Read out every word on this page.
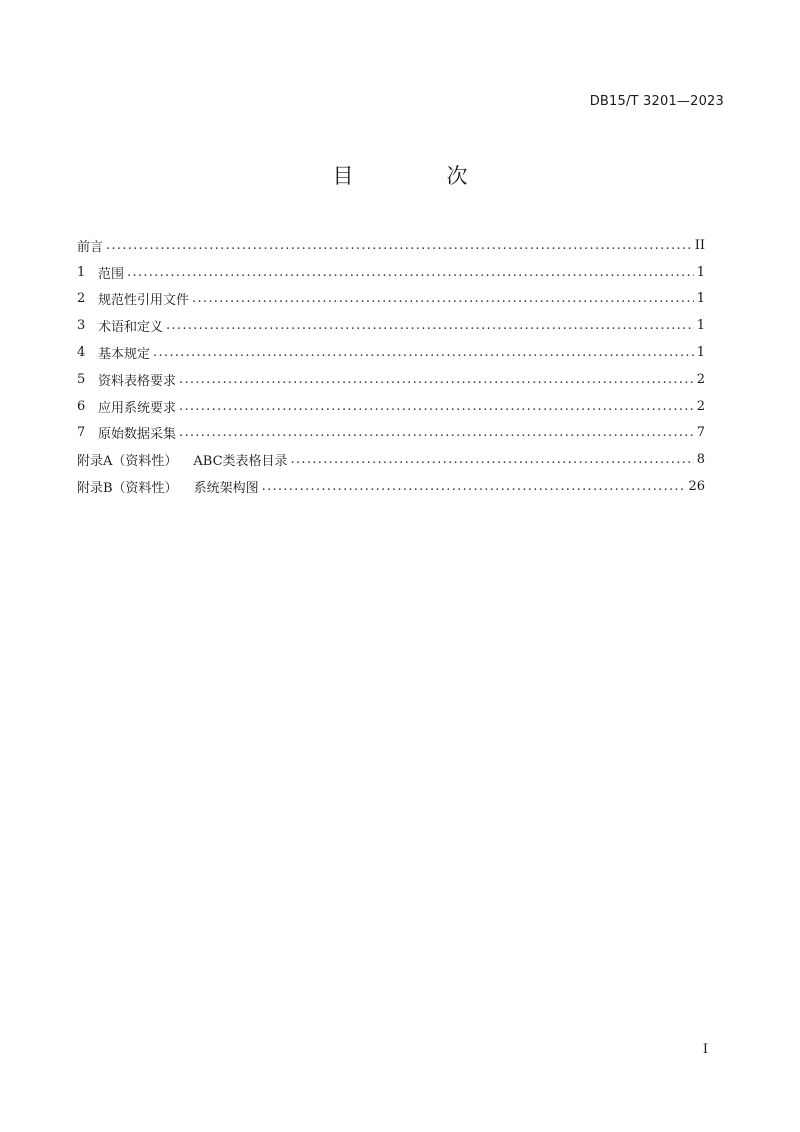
DB15/T 3201—2023
目　次
前言 .....	II
1 范围 .....	1
2 规范性引用文件 .....	1
3 术语和定义 .....	1
4 基本规定 .....	1
5 资料表格要求 .....	2
6 应用系统要求 .....	2
7 原始数据采集 .....	7
附录A（资料性） ABC类表格目录 .....	8
附录B（资料性） 系统架构图 .....	26
I
